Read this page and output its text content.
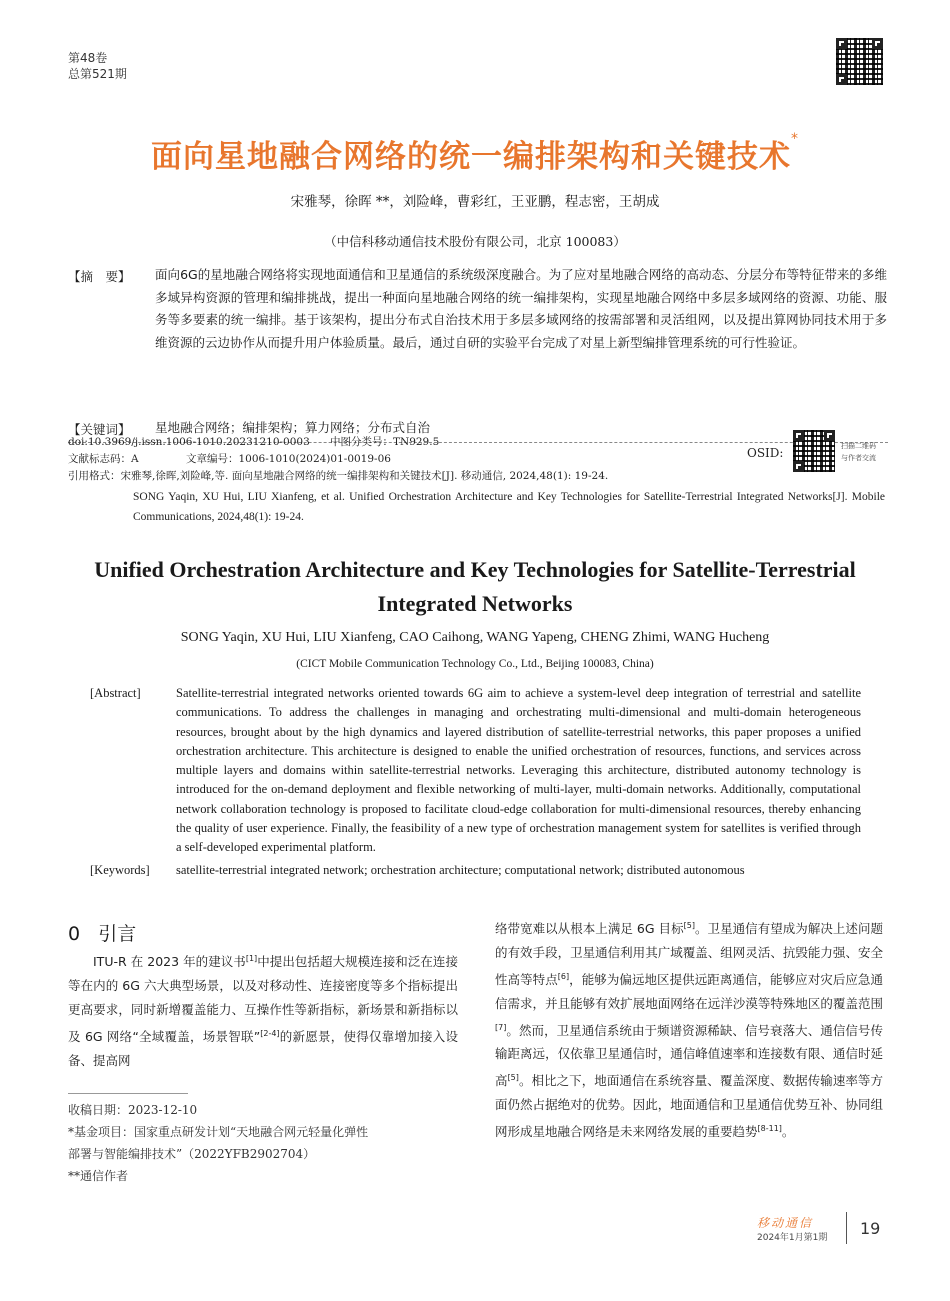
第48卷
总第521期
面向星地融合网络的统一编排架构和关键技术*
宋雅琴，徐晖 **，刘险峰，曹彩红，王亚鹏，程志密，王胡成
（中信科移动通信技术股份有限公司，北京 100083）
【摘　要】 面向6G的星地融合网络将实现地面通信和卫星通信的系统级深度融合。为了应对星地融合网络的高动态、分层分布等特征带来的多维多域异构资源的管理和编排挑战，提出一种面向星地融合网络的统一编排架构，实现星地融合网络中多层多域网络的资源、功能、服务等多要素的统一编排。基于该架构，提出分布式自治技术用于多层多域网络的按需部署和灵活组网，以及提出算网协同技术用于多维资源的云边协作从而提升用户体验质量。最后，通过自研的实验平台完成了对星上新型编排管理系统的可行性验证。
【关键词】 星地融合网络；编排架构；算力网络；分布式自治
doi:10.3969/j.issn.1006-1010.20231210-0003	中图分类号：TN929.5
文献标志码：A	文章编号：1006-1010(2024)01-0019-06
引用格式：宋雅琴,徐晖,刘险峰,等. 面向星地融合网络的统一编排架构和关键技术[J]. 移动通信, 2024,48(1): 19-24.
SONG Yaqin, XU Hui, LIU Xianfeng, et al. Unified Orchestration Architecture and Key Technologies for Satellite-Terrestrial Integrated Networks[J]. Mobile Communications, 2024,48(1): 19-24.
OSID:	扫描二维码
与作者交流
Unified Orchestration Architecture and Key Technologies for Satellite-Terrestrial
Integrated Networks
SONG Yaqin, XU Hui, LIU Xianfeng, CAO Caihong, WANG Yapeng, CHENG Zhimi, WANG Hucheng
(CICT Mobile Communication Technology Co., Ltd., Beijing 100083, China)
[Abstract]	Satellite-terrestrial integrated networks oriented towards 6G aim to achieve a system-level deep integration of terrestrial and satellite communications. To address the challenges in managing and orchestrating multi-dimensional and multi-domain heterogeneous resources, brought about by the high dynamics and layered distribution of satellite-terrestrial networks, this paper proposes a unified orchestration architecture. This architecture is designed to enable the unified orchestration of resources, functions, and services across multiple layers and domains within satellite-terrestrial networks. Leveraging this architecture, distributed autonomy technology is introduced for the on-demand deployment and flexible networking of multi-layer, multi-domain networks. Additionally, computational network collaboration technology is proposed to facilitate cloud-edge collaboration for multi-dimensional resources, thereby enhancing the quality of user experience. Finally, the feasibility of a new type of orchestration management system for satellites is verified through a self-developed experimental platform.
[Keywords] satellite-terrestrial integrated network; orchestration architecture; computational network; distributed autonomous
0 引言
ITU-R 在 2023 年的建议书[1]中提出包括超大规模连接和泛在连接等在内的 6G 六大典型场景，以及对移动性、连接密度等多个指标提出更高要求，同时新增覆盖能力、互操作性等新指标，新场景和新指标以及 6G 网络“全域覆盖，场景智联”[2-4]的新愿景，使得仅靠增加接入设备、提高网
收稿日期：2023-12-10
*基金项目：国家重点研发计划“天地融合网元轻量化弹性
部署与智能编排技术”（2022YFB2902704）
**通信作者
络带宽难以从根本上满足 6G 目标[5]。卫星通信有望成为解决上述问题的有效手段，卫星通信利用其广域覆盖、组网灵活、抗毁能力强、安全性高等特点[6]，能够为偏远地区提供远距离通信，能够应对灾后应急通信需求，并且能够有效扩展地面网络在远洋沙漠等特殊地区的覆盖范围[7]。然而，卫星通信系统由于频谱资源稀缺、信号衰落大、通信信号传输距离远，仅依靠卫星通信时，通信峰值速率和连接数有限、通信时延高[5]。相比之下，地面通信在系统容量、覆盖深度、数据传输速率等方面仍然占据绝对的优势。因此，地面通信和卫星通信优势互补、协同组网形成星地融合网络是未来网络发展的重要趋势[8-11]。
移动通信
2024年1月第1期 19
